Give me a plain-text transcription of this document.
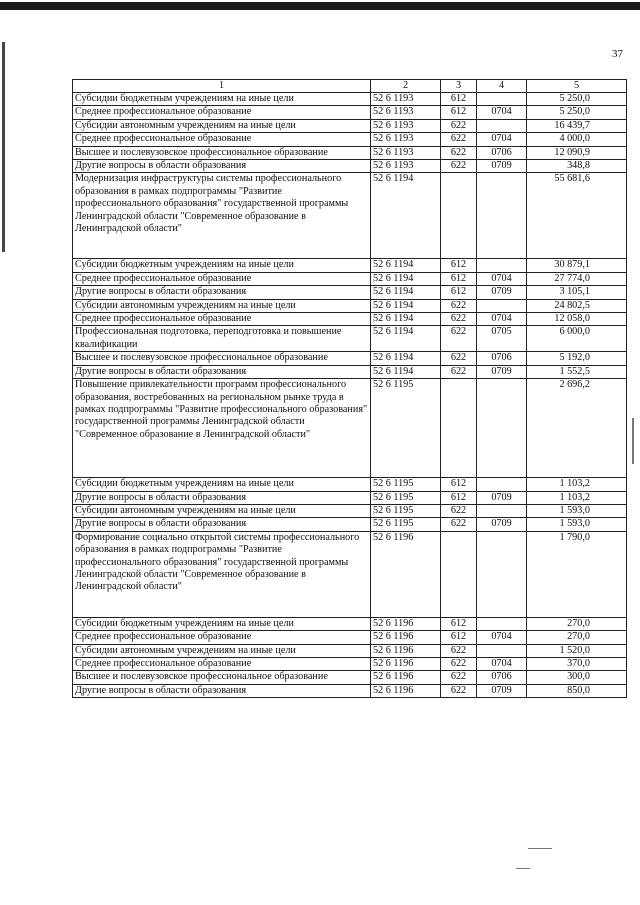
37
1	2	3	4	5
Субсидии бюджетным учреждениям на иные цели	52 6 1193	612		5 250,0
Среднее профессиональное образование	52 6 1193	612	0704	5 250,0
Субсидии автономным учреждениям на иные цели	52 6 1193	622		16 439,7
Среднее профессиональное образование	52 6 1193	622	0704	4 000,0
Высшее и послевузовское профессиональное образование	52 6 1193	622	0706	12 090,9
Другие вопросы в области образования	52 6 1193	622	0709	348,8
Модернизация инфраструктуры системы профессионального образования в рамках подпрограммы "Развитие профессионального образования" государственной программы Ленинградской области "Современное образование в Ленинградской области"	52 6 1194			55 681,6
Субсидии бюджетным учреждениям на иные цели	52 6 1194	612		30 879,1
Среднее профессиональное образование	52 6 1194	612	0704	27 774,0
Другие вопросы в области образования	52 6 1194	612	0709	3 105,1
Субсидии автономным учреждениям на иные цели	52 6 1194	622		24 802,5
Среднее профессиональное образование	52 6 1194	622	0704	12 058,0
Профессиональная подготовка, переподготовка и повышение квалификации	52 6 1194	622	0705	6 000,0
Высшее и послевузовское профессиональное образование	52 6 1194	622	0706	5 192,0
Другие вопросы в области образования	52 6 1194	622	0709	1 552,5
Повышение привлекательности программ профессионального образования, востребованных на региональном рынке труда в рамках подпрограммы "Развитие профессионального образования" государственной программы Ленинградской области "Современное образование в Ленинградской области"	52 6 1195			2 696,2
Субсидии бюджетным учреждениям на иные цели	52 6 1195	612		1 103,2
Другие вопросы в области образования	52 6 1195	612	0709	1 103,2
Субсидии автономным учреждениям на иные цели	52 6 1195	622		1 593,0
Другие вопросы в области образования	52 6 1195	622	0709	1 593,0
Формирование социально открытой системы профессионального образования в рамках подпрограммы "Развитие профессионального образования" государственной программы Ленинградской области "Современное образование в Ленинградской области"	52 6 1196			1 790,0
Субсидии бюджетным учреждениям на иные цели	52 6 1196	612		270,0
Среднее профессиональное образование	52 6 1196	612	0704	270,0
Субсидии автономным учреждениям на иные цели	52 6 1196	622		1 520,0
Среднее профессиональное образование	52 6 1196	622	0704	370,0
Высшее и послевузовское профессиональное образование	52 6 1196	622	0706	300,0
Другие вопросы в области образования	52 6 1196	622	0709	850,0
